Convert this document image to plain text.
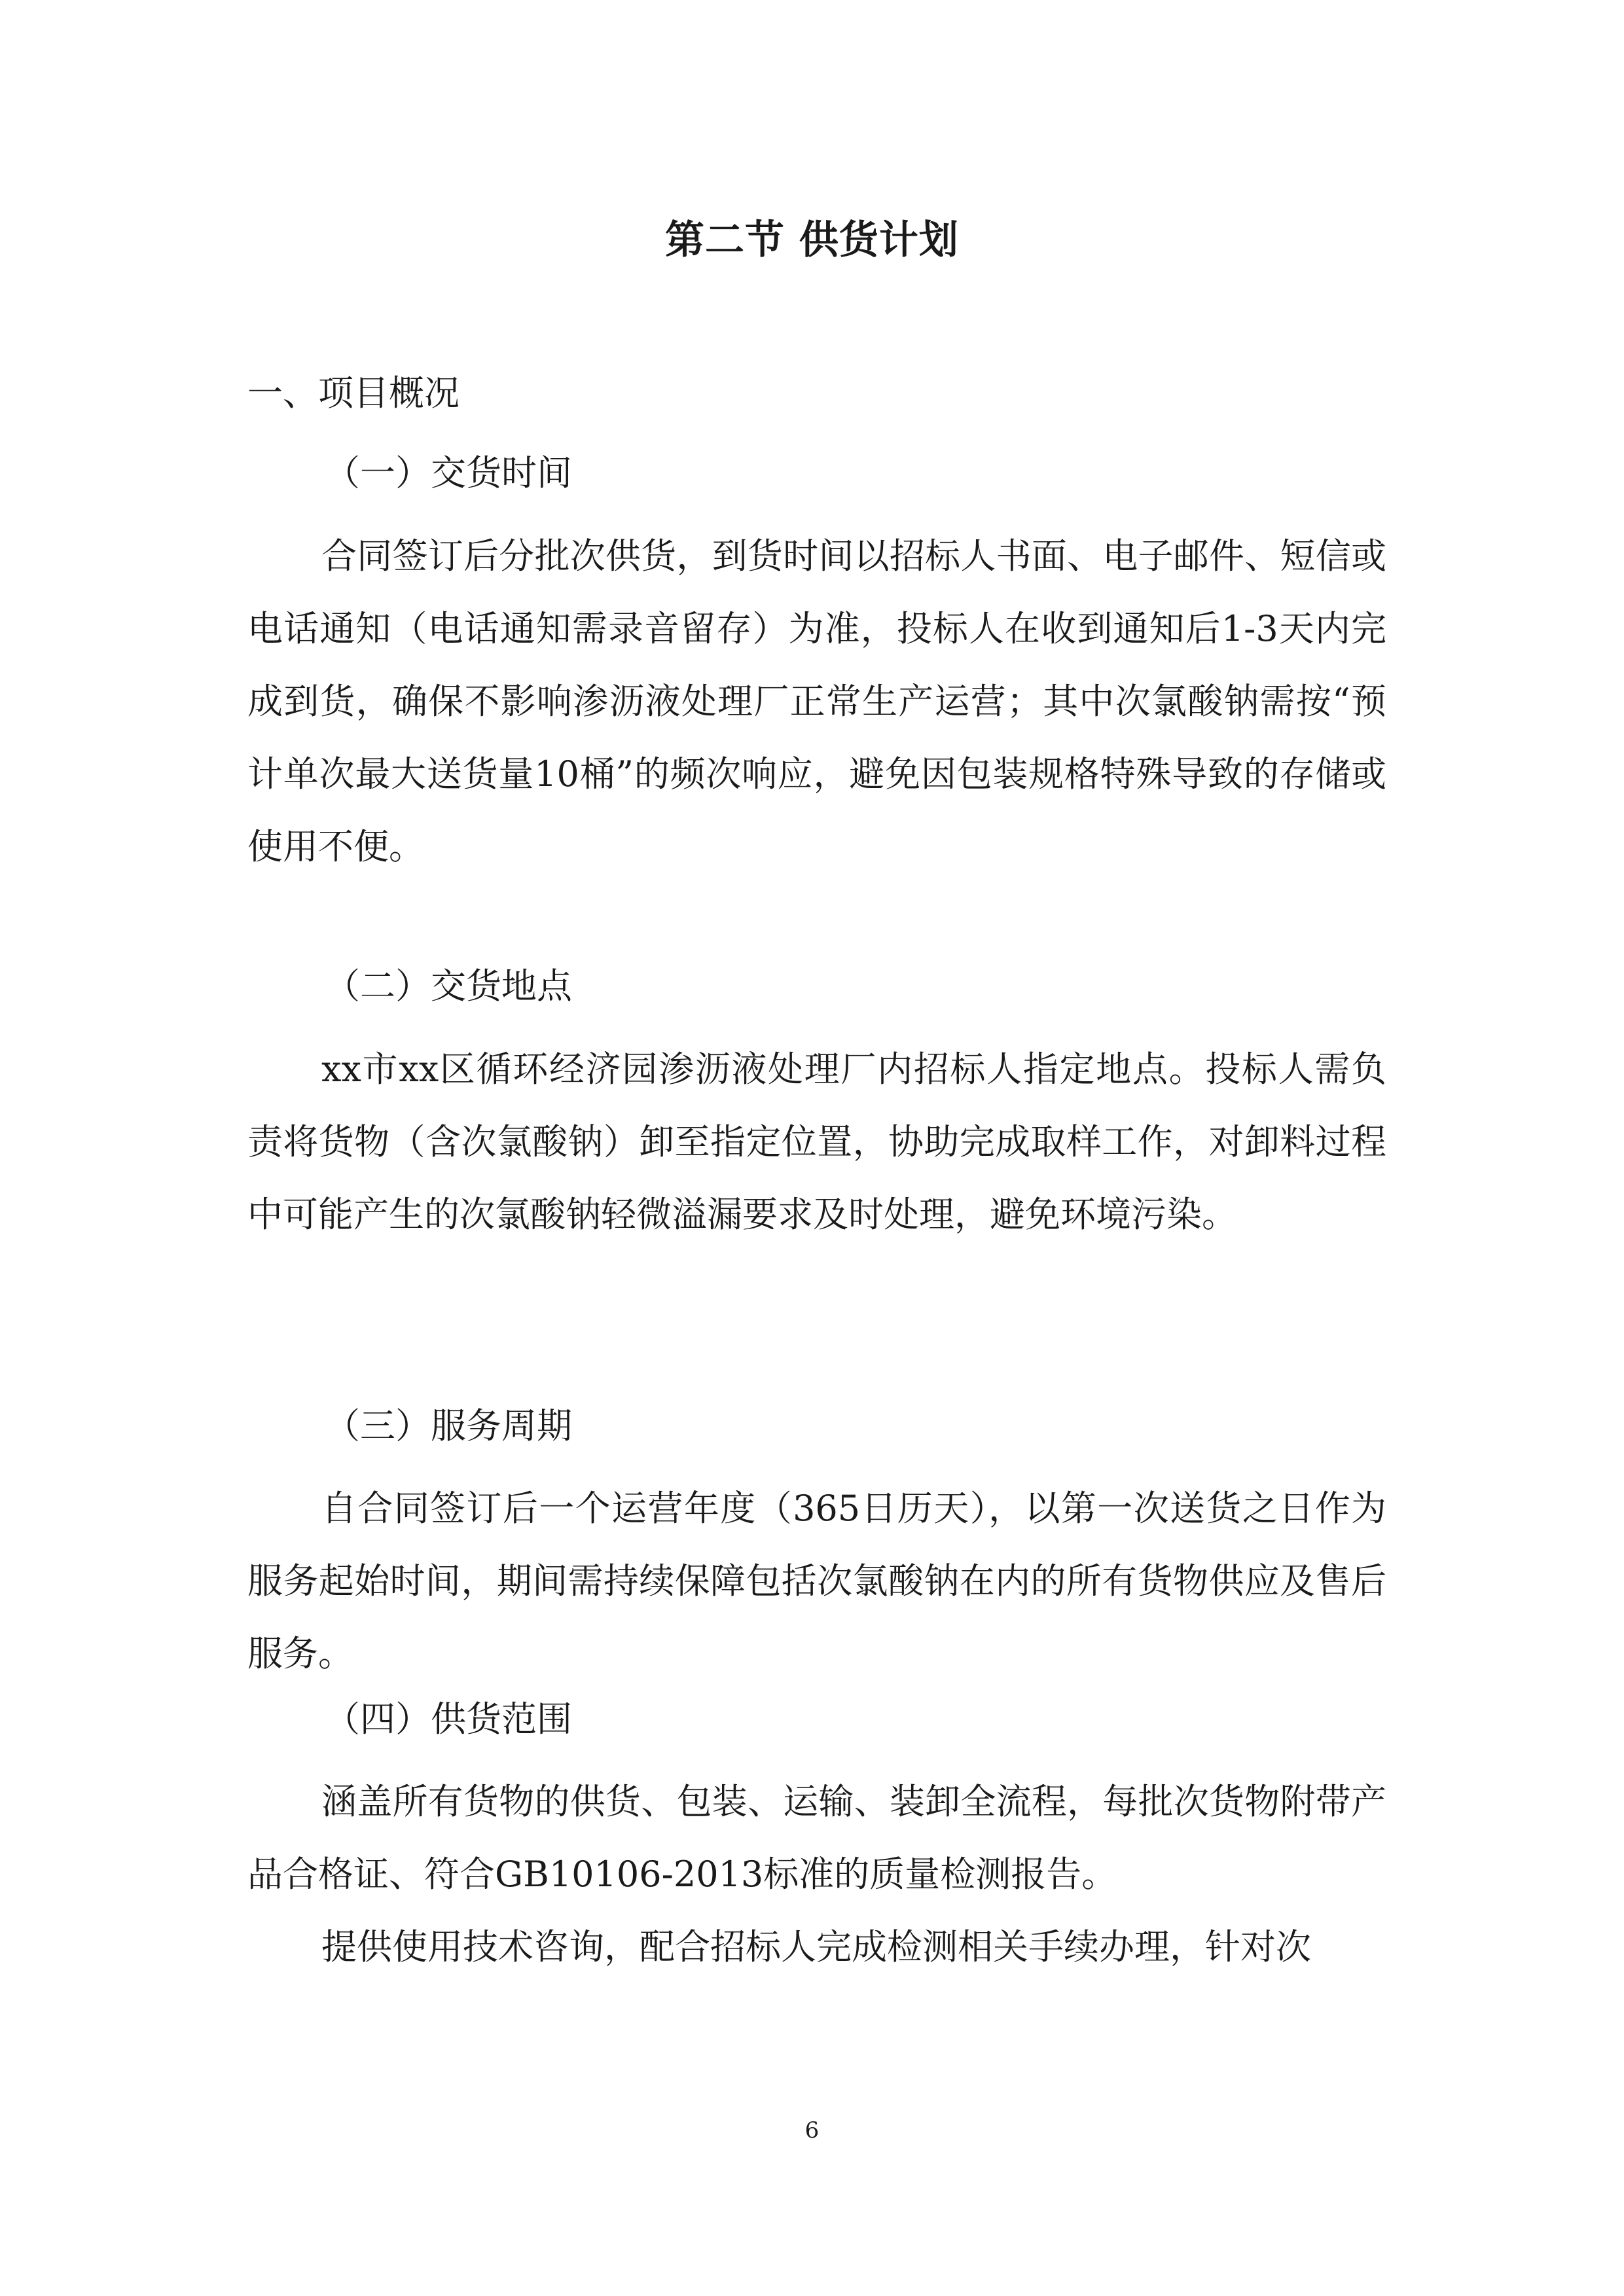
第二节 供货计划
一、项目概况
（一）交货时间

合同签订后分批次供货，到货时间以招标人书面、电子邮件、短信或电话通知（电话通知需录音留存）为准，投标人在收到通知后1-3天内完成到货，确保不影响渗沥液处理厂正常生产运营；其中次氯酸钠需按“预计单次最大送货量10桶”的频次响应，避免因包装规格特殊导致的存储或使用不便。

（二）交货地点

xx市xx区循环经济园渗沥液处理厂内招标人指定地点。投标人需负责将货物（含次氯酸钠）卸至指定位置，协助完成取样工作，对卸料过程中可能产生的次氯酸钠轻微溢漏要求及时处理，避免环境污染。

（三）服务周期

自合同签订后一个运营年度（365日历天），以第一次送货之日作为服务起始时间，期间需持续保障包括次氯酸钠在内的所有货物供应及售后服务。

（四）供货范围

涵盖所有货物的供货、包装、运输、装卸全流程，每批次货物附带产品合格证、符合GB10106-2013标准的质量检测报告。

提供使用技术咨询，配合招标人完成检测相关手续办理，针对次

6
